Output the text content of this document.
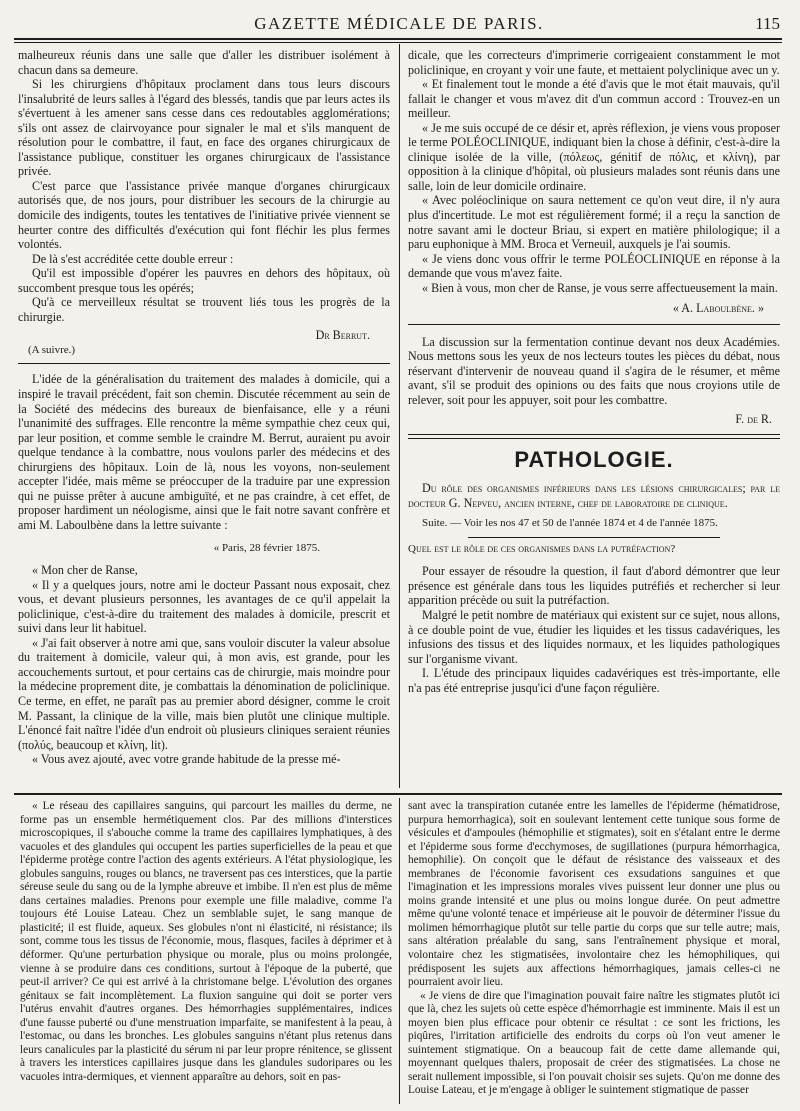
GAZETTE MÉDICALE DE PARIS.	115

malheureux réunis dans une salle que d'aller les distribuer isolément à chacun dans sa demeure.

Si les chirurgiens d'hôpitaux proclament dans tous leurs discours l'insalubrité de leurs salles à l'égard des blessés, tandis que par leurs actes ils s'évertuent à les amener sans cesse dans ces redoutables agglomérations; s'ils ont assez de clairvoyance pour signaler le mal et s'ils manquent de résolution pour le combattre, il faut, en face des organes chirurgicaux de l'assistance publique, constituer les organes chirurgicaux de l'assistance privée.

C'est parce que l'assistance privée manque d'organes chirurgicaux autorisés que, de nos jours, pour distribuer les secours de la chirurgie au domicile des indigents, toutes les tentatives de l'initiative privée viennent se heurter contre des difficultés d'exécution qui font fléchir les plus fermes volontés.

De là s'est accréditée cette double erreur :

Qu'il est impossible d'opérer les pauvres en dehors des hôpitaux, où succombent presque tous les opérés;

Qu'à ce merveilleux résultat se trouvent liés tous les progrès de la chirurgie.

Dr Berrut.

(A suivre.)

L'idée de la généralisation du traitement des malades à domicile, qui a inspiré le travail précédent, fait son chemin. Discutée récemment au sein de la Société des médecins des bureaux de bienfaisance, elle y a réuni l'unanimité des suffrages. Elle rencontre la même sympathie chez ceux qui, par leur position, et comme semble le craindre M. Berrut, auraient pu avoir quelque tendance à la combattre, nous voulons parler des médecins et des chirurgiens des hôpitaux. Loin de là, nous les voyons, non-seulement accepter l'idée, mais même se préoccuper de la traduire par une expression qui ne puisse prêter à aucune ambiguïté, et ne pas craindre, à cet effet, de proposer hardiment un néologisme, ainsi que le fait notre savant confrère et ami M. Laboulbène dans la lettre suivante :

« Paris, 28 février 1875.

« Mon cher de Ranse,

« Il y a quelques jours, notre ami le docteur Passant nous exposait, chez vous, et devant plusieurs personnes, les avantages de ce qu'il appelait la policlinique, c'est-à-dire du traitement des malades à domicile, prescrit et suivi dans leur lit habituel.

« J'ai fait observer à notre ami que, sans vouloir discuter la valeur absolue du traitement à domicile, valeur qui, à mon avis, est grande, pour les accouchements surtout, et pour certains cas de chirurgie, mais moindre pour la médecine proprement dite, je combattais la dénomination de policlinique. Ce terme, en effet, ne paraît pas au premier abord désigner, comme le croit M. Passant, la clinique de la ville, mais bien plutôt une clinique multiple. L'énoncé fait naître l'idée d'un endroit où plusieurs cliniques seraient réunies (πολύς, beaucoup et κλίνη, lit).

« Vous avez ajouté, avec votre grande habitude de la presse mé-

dicale, que les correcteurs d'imprimerie corrigeaient constamment le mot policlinique, en croyant y voir une faute, et mettaient polyclinique avec un y.

« Et finalement tout le monde a été d'avis que le mot était mauvais, qu'il fallait le changer et vous m'avez dit d'un commun accord : Trouvez-en un meilleur.

« Je me suis occupé de ce désir et, après réflexion, je viens vous proposer le terme POLÉOCLINIQUE, indiquant bien la chose à définir, c'est-à-dire la clinique isolée de la ville, (πόλεως, génitif de πόλις, et κλίνη), par opposition à la clinique d'hôpital, où plusieurs malades sont réunis dans une salle, loin de leur domicile ordinaire.

« Avec poléoclinique on saura nettement ce qu'on veut dire, il n'y aura plus d'incertitude. Le mot est régulièrement formé; il a reçu la sanction de notre savant ami le docteur Briau, si expert en matière philologique; il a paru euphonique à MM. Broca et Verneuil, auxquels je l'ai soumis.

« Je viens donc vous offrir le terme POLÉOCLINIQUE en réponse à la demande que vous m'avez faite.

« Bien à vous, mon cher de Ranse, je vous serre affectueusement la main.

« A. Laboulbène. »

La discussion sur la fermentation continue devant nos deux Académies. Nous mettons sous les yeux de nos lecteurs toutes les pièces du débat, nous réservant d'intervenir de nouveau quand il s'agira de le résumer, et même avant, s'il se produit des opinions ou des faits que nous croyions utile de relever, soit pour les appuyer, soit pour les combattre.

F. de R.

PATHOLOGIE.

Du rôle des organismes inférieurs dans les lésions chirurgicales; par le docteur G. Nepveu, ancien interne, chef de laboratoire de clinique.

Suite. — Voir les nos 47 et 50 de l'année 1874 et 4 de l'année 1875.

Quel est le rôle de ces organismes dans la putréfaction?

Pour essayer de résoudre la question, il faut d'abord démontrer que leur présence est générale dans tous les liquides putréfiés et rechercher si leur apparition précède ou suit la putréfaction.

Malgré le petit nombre de matériaux qui existent sur ce sujet, nous allons, à ce double point de vue, étudier les liquides et les tissus cadavériques, les infusions des tissus et des liquides normaux, et les liquides pathologiques sur l'organisme vivant.

I. L'étude des principaux liquides cadavériques est très-importante, elle n'a pas été entreprise jusqu'ici d'une façon régulière.

« Le réseau des capillaires sanguins, qui parcourt les mailles du derme, ne forme pas un ensemble hermétiquement clos. Par des millions d'interstices microscopiques, il s'abouche comme la trame des capillaires lymphatiques, à des vacuoles et des glandules qui occupent les parties superficielles de la peau et que l'épiderme protège contre l'action des agents extérieurs. A l'état physiologique, les globules sanguins, rouges ou blancs, ne traversent pas ces interstices, que la partie séreuse seule du sang ou de la lymphe abreuve et imbibe. Il n'en est plus de même dans certaines maladies. Prenons pour exemple une fille maladive, comme l'a toujours été Louise Lateau. Chez un semblable sujet, le sang manque de plasticité; il est fluide, aqueux. Ses globules n'ont ni élasticité, ni résistance; ils sont, comme tous les tissus de l'économie, mous, flasques, faciles à déprimer et à déformer. Qu'une perturbation physique ou morale, plus ou moins prolongée, vienne à se produire dans ces conditions, surtout à l'époque de la puberté, que peut-il arriver? Ce qui est arrivé à la christomane belge. L'évolution des organes génitaux se fait incomplètement. La fluxion sanguine qui doit se porter vers l'utérus envahit d'autres organes. Des hémorrhagies supplémentaires, indices d'une fausse puberté ou d'une menstruation imparfaite, se manifestent à la peau, à l'estomac, ou dans les bronches. Les globules sanguins n'étant plus retenus dans leurs canalicules par la plasticité du sérum ni par leur propre rénitence, se glissent à travers les interstices capillaires jusque dans les glandules sudoripares ou les vacuoles intra-dermiques, et viennent apparaître au dehors, soit en pas-

sant avec la transpiration cutanée entre les lamelles de l'épiderme (hématidrose, purpura hemorrhagica), soit en soulevant lentement cette tunique sous forme de vésicules et d'ampoules (hémophilie et stigmates), soit en s'étalant entre le derme et l'épiderme sous forme d'ecchymoses, de sugillationes (purpura hémorrhagica, hemophilie). On conçoit que le défaut de résistance des vaisseaux et des membranes de l'économie favorisent ces exsudations sanguines et que l'imagination et les impressions morales vives puissent leur donner une plus ou moins grande intensité et une plus ou moins longue durée. On peut admettre même qu'une volonté tenace et impérieuse ait le pouvoir de déterminer l'issue du molimen hémorrhagique plutôt sur telle partie du corps que sur telle autre; mais, sans altération préalable du sang, sans l'entraînement physique et moral, volontaire chez les stigmatisées, involontaire chez les hémophiliques, qui prédisposent les sujets aux affections hémorrhagiques, jamais celles-ci ne pourraient avoir lieu.

« Je viens de dire que l'imagination pouvait faire naître les stigmates plutôt ici que là, chez les sujets où cette espèce d'hémorrhagie est imminente. Mais il est un moyen bien plus efficace pour obtenir ce résultat : ce sont les frictions, les piqûres, l'irritation artificielle des endroits du corps où l'on veut amener le suintement stigmatique. On a beaucoup fait de cette dame allemande qui, moyennant quelques thalers, proposait de créer des stigmatisées. La chose ne serait nullement impossible, si l'on pouvait choisir ses sujets. Qu'on me donne des Louise Lateau, et je m'engage à obliger le suintement stigmatique de passer
